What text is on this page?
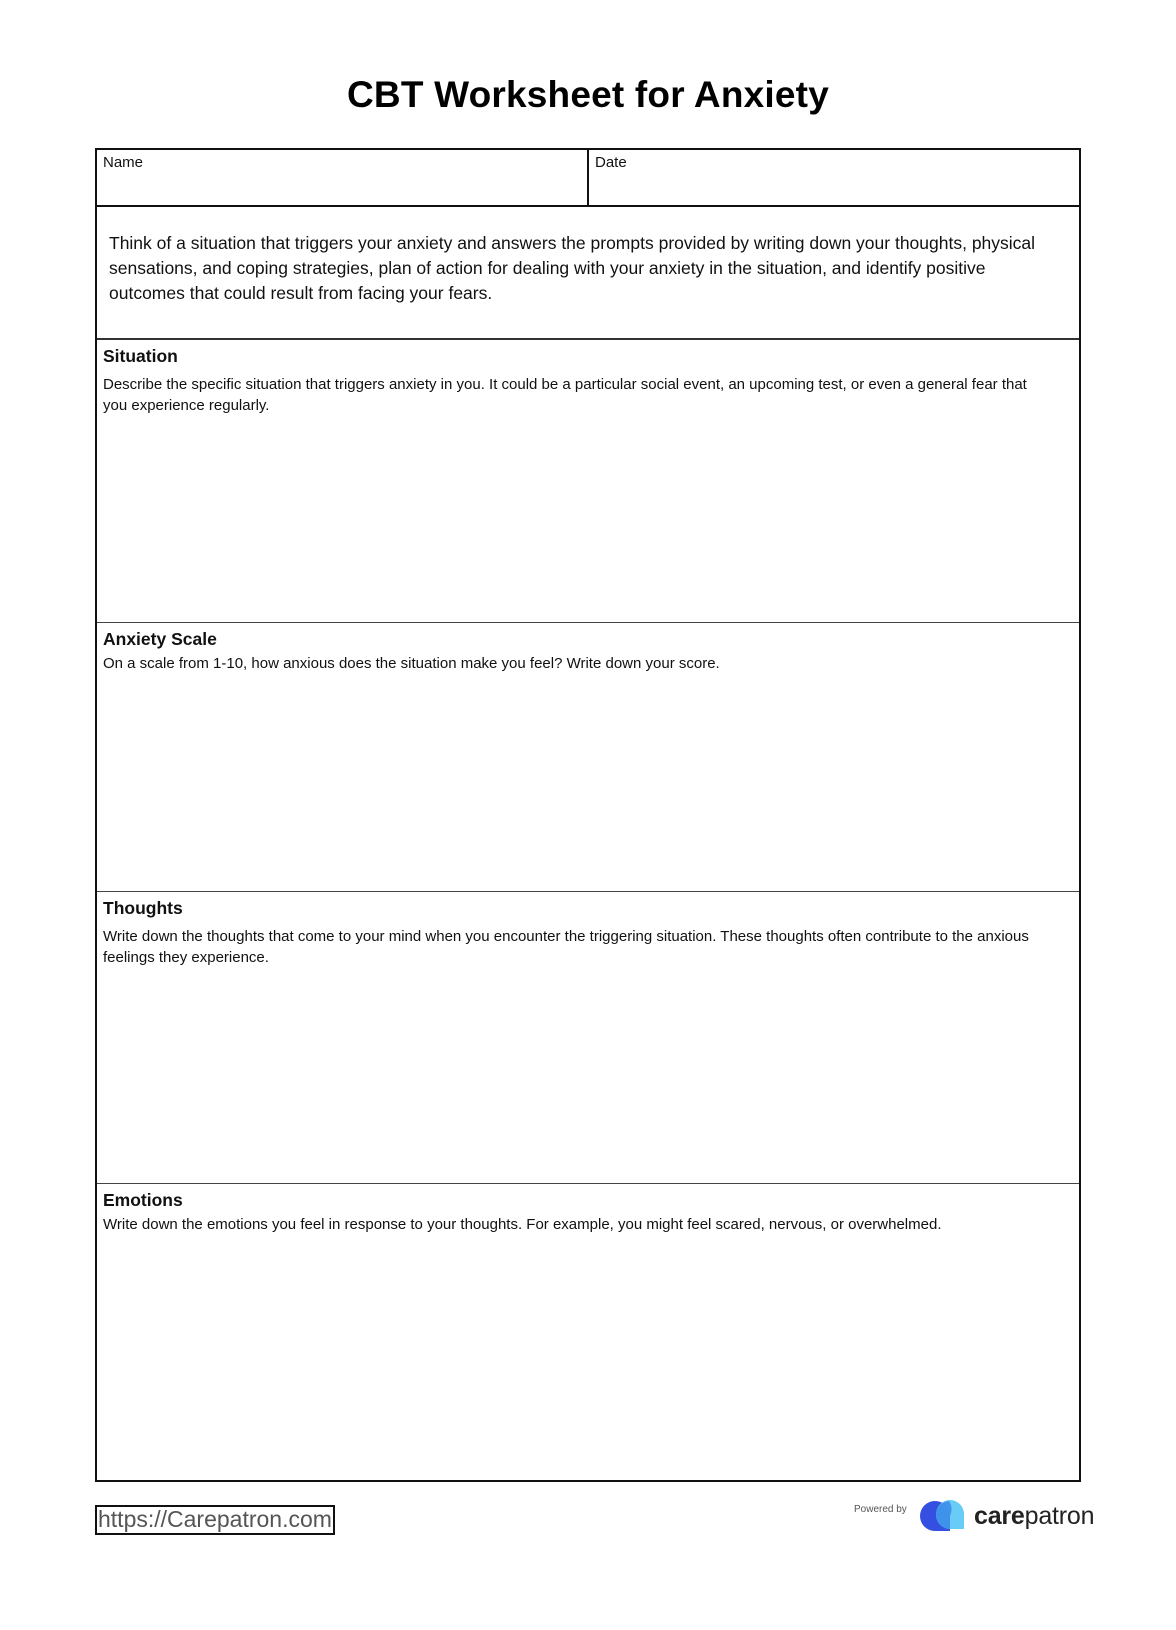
CBT Worksheet for Anxiety
Name	Date
Think of a situation that triggers your anxiety and answers the prompts provided by writing down your thoughts, physical sensations, and coping strategies, plan of action for dealing with your anxiety in the situation, and identify positive outcomes that could result from facing your fears.
Situation
Describe the specific situation that triggers anxiety in you. It could be a particular social event, an upcoming test, or even a general fear that you experience regularly.
Anxiety Scale
On a scale from 1-10, how anxious does the situation make you feel? Write down your score.
Thoughts
Write down the thoughts that come to your mind when you encounter the triggering situation. These thoughts often contribute to the anxious feelings they experience.
Emotions
Write down the emotions you feel in response to your thoughts. For example, you might feel scared, nervous, or overwhelmed.
https://Carepatron.com	Powered by	carepatron
